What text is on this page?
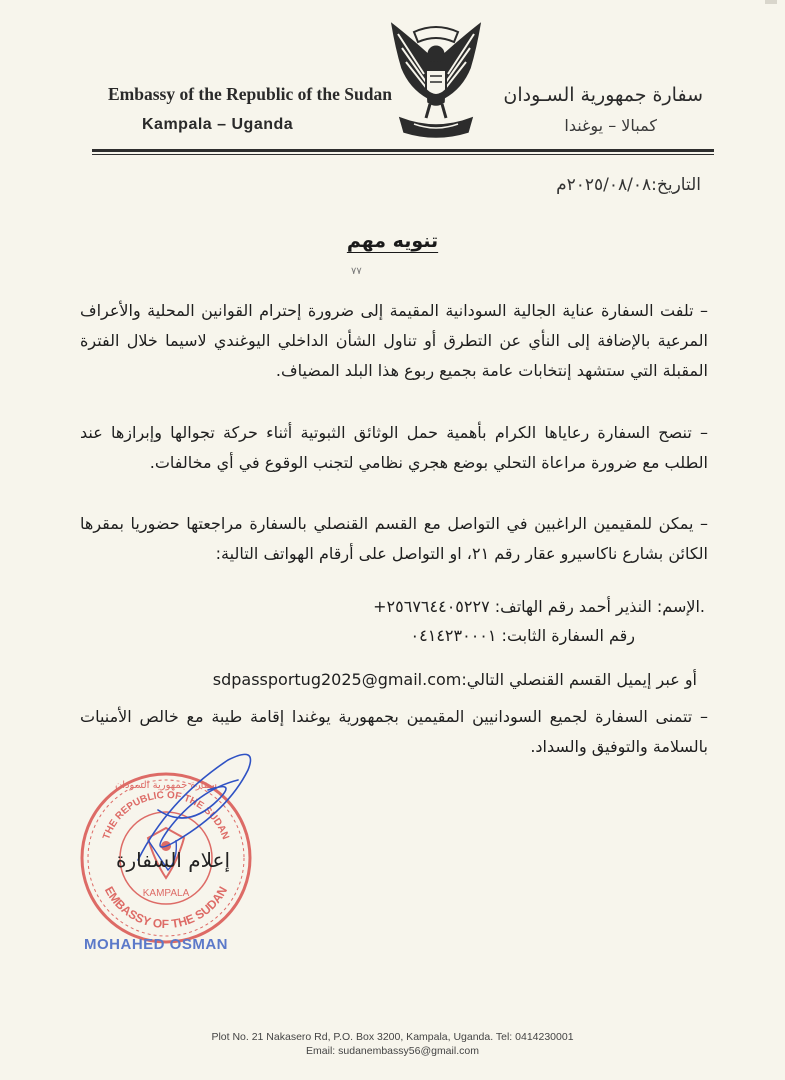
Embassy of the Republic of the Sudan
Kampala – Uganda
سفارة جمهورية السـودان
كمبالا – يوغندا
التاريخ:٢٠٢٥/٠٨/٠٨م
تنويه مهم
٧٧
– تلفت السفارة عناية الجالية السودانية المقيمة إلى ضرورة إحترام القوانين المحلية والأعراف المرعية بالإضافة إلى النأي عن التطرق أو تناول الشأن الداخلي اليوغندي لاسيما خلال الفترة المقبلة التي ستشهد إنتخابات عامة بجميع ربوع هذا البلد المضياف.
– تنصح السفارة رعاياها الكرام بأهمية حمل الوثائق الثبوتية أثناء حركة تجوالها وإبرازها عند الطلب مع ضرورة مراعاة التحلي بوضع هجري نظامي لتجنب الوقوع في أي مخالفات.
– يمكن للمقيمين الراغبين في التواصل مع القسم القنصلي بالسفارة مراجعتها حضوريا بمقرها الكائن بشارع ناكاسيرو عقار رقم ٢١، او التواصل على أرقام الهواتف التالية:
.الإسم: النذير أحمد رقم الهاتف: ٢٥٦٧٦٤٤٠٥٢٢٧+
رقم السفارة الثابت: ٠٤١٤٢٣٠٠٠١
أو عبر إيميل القسم القنصلي التالي:sdpassportug2025@gmail.com
– تتمنى السفارة لجميع السودانيين المقيمين بجمهورية يوغندا إقامة طيبة مع خالص الأمنيات بالسلامة والتوفيق والسداد.
THE REPUBLIC OF THE SUDAN
EMBASSY OF THE SUDAN
سفارة جمهورية السودان
KAMPALA
إعلام السفارة
MOHAHED OSMAN
Plot No. 21 Nakasero Rd, P.O. Box 3200, Kampala, Uganda. Tel: 0414230001
Email: sudanembassy56@gmail.com
